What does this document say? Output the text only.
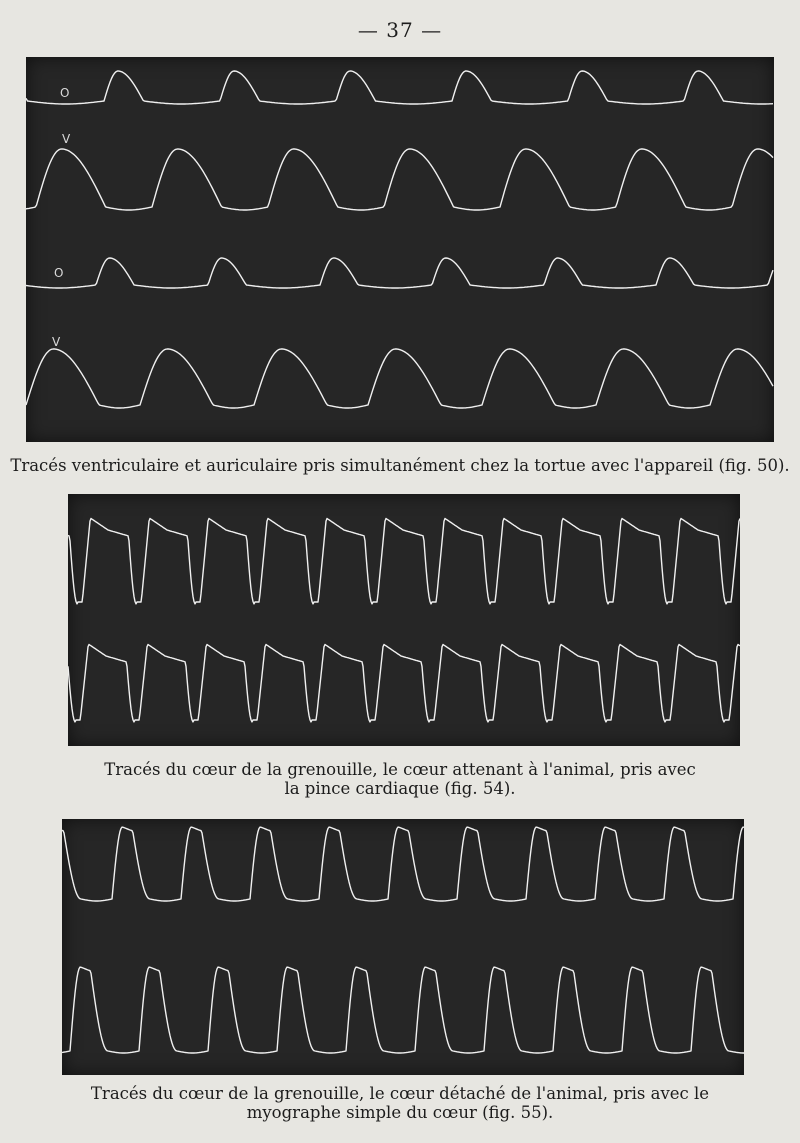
— 37 —
O
V
O
V
Tracés ventriculaire et auriculaire pris simultanément chez la tortue avec l'appareil (fig. 50).
Tracés du cœur de la grenouille, le cœur attenant à l'animal, pris avec
la pince cardiaque (fig. 54).
Tracés du cœur de la grenouille, le cœur détaché de l'animal, pris avec le
myographe simple du cœur (fig. 55).
